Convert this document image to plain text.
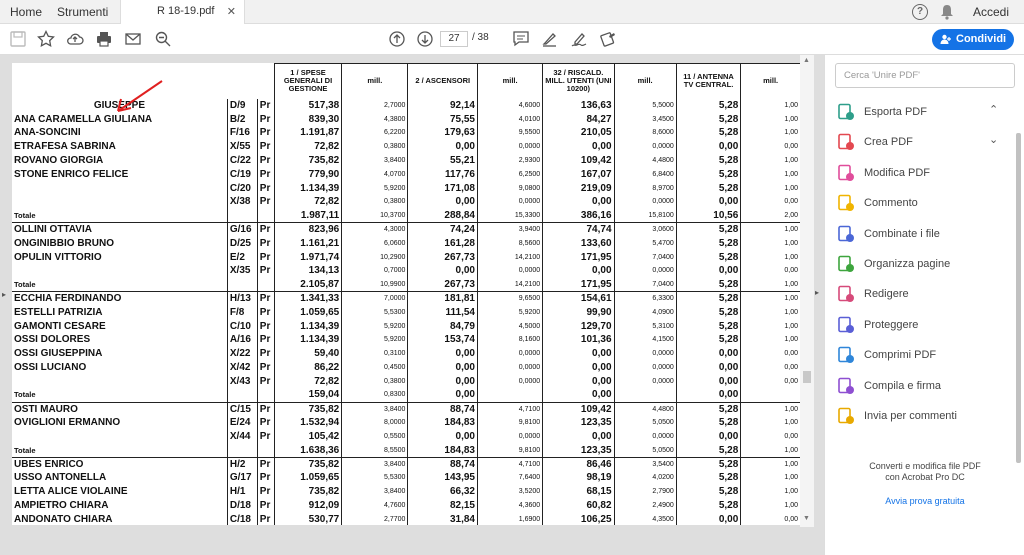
Home Strumenti	R 18-19.pdf ✕	?	Accedi
27	/ 38	Condividi
▸
			1 / SPESE GENERALI DI GESTIONE	mill.	2 / ASCENSORI	mill.	32 / RISCALD. MILL. UTENTI (UNI 10200)	mill.	11 / ANTENNA TV CENTRAL.	mill.
GIUSEPPE	D/9	Pr	517,38	2,7000	92,14	4,6000	136,63	5,5000	5,28	1,00
ANA CARAMELLA GIULIANA	B/2	Pr	839,30	4,3800	75,55	4,0100	84,27	3,4500	5,28	1,00
ANA-SONCINI	F/16	Pr	1.191,87	6,2200	179,63	9,5500	210,05	8,6000	5,28	1,00
ETRAFESA SABRINA	X/55	Pr	72,82	0,3800	0,00	0,0000	0,00	0,0000	0,00	0,00
ROVANO GIORGIA	C/22	Pr	735,82	3,8400	55,21	2,9300	109,42	4,4800	5,28	1,00
STONE ENRICO FELICE	C/19	Pr	779,90	4,0700	117,76	6,2500	167,07	6,8400	5,28	1,00
	C/20	Pr	1.134,39	5,9200	171,08	9,0800	219,09	8,9700	5,28	1,00
	X/38	Pr	72,82	0,3800	0,00	0,0000	0,00	0,0000	0,00	0,00
Totale			1.987,11	10,3700	288,84	15,3300	386,16	15,8100	10,56	2,00
OLLINI OTTAVIA	G/16	Pr	823,96	4,3000	74,24	3,9400	74,74	3,0600	5,28	1,00
ONGINIBBIO BRUNO	D/25	Pr	1.161,21	6,0600	161,28	8,5600	133,60	5,4700	5,28	1,00
OPULIN VITTORIO	E/2	Pr	1.971,74	10,2900	267,73	14,2100	171,95	7,0400	5,28	1,00
	X/35	Pr	134,13	0,7000	0,00	0,0000	0,00	0,0000	0,00	0,00
Totale			2.105,87	10,9900	267,73	14,2100	171,95	7,0400	5,28	1,00
ECCHIA FERDINANDO	H/13	Pr	1.341,33	7,0000	181,81	9,6500	154,61	6,3300	5,28	1,00
ESTELLI PATRIZIA	F/8	Pr	1.059,65	5,5300	111,54	5,9200	99,90	4,0900	5,28	1,00
GAMONTI CESARE	C/10	Pr	1.134,39	5,9200	84,79	4,5000	129,70	5,3100	5,28	1,00
OSSI DOLORES	A/16	Pr	1.134,39	5,9200	153,74	8,1600	101,36	4,1500	5,28	1,00
OSSI GIUSEPPINA	X/22	Pr	59,40	0,3100	0,00	0,0000	0,00	0,0000	0,00	0,00
OSSI LUCIANO	X/42	Pr	86,22	0,4500	0,00	0,0000	0,00	0,0000	0,00	0,00
	X/43	Pr	72,82	0,3800	0,00	0,0000	0,00	0,0000	0,00	0,00
Totale			159,04	0,8300	0,00		0,00		0,00	
OSTI MAURO	C/15	Pr	735,82	3,8400	88,74	4,7100	109,42	4,4800	5,28	1,00
OVIGLIONI ERMANNO	E/24	Pr	1.532,94	8,0000	184,83	9,8100	123,35	5,0500	5,28	1,00
	X/44	Pr	105,42	0,5500	0,00	0,0000	0,00	0,0000	0,00	0,00
Totale			1.638,36	8,5500	184,83	9,8100	123,35	5,0500	5,28	1,00
UBES ENRICO	H/2	Pr	735,82	3,8400	88,74	4,7100	86,46	3,5400	5,28	1,00
USSO ANTONELLA	G/17	Pr	1.059,65	5,5300	143,95	7,6400	98,19	4,0200	5,28	1,00
LETTA ALICE VIOLAINE	H/1	Pr	735,82	3,8400	66,32	3,5200	68,15	2,7900	5,28	1,00
AMPIETRO CHIARA	D/18	Pr	912,09	4,7600	82,15	4,3600	60,82	2,4900	5,28	1,00
ANDONATO CHIARA	C/18	Pr	530,77	2,7700	31,84	1,6900	106,25	4,3500	0,00	0,00
▲
▼
▸
Cerca 'Unire PDF'
Esporta PDF	⌃
Crea PDF	⌄
Modifica PDF
Commento
Combinate i file
Organizza pagine
Redigere
Proteggere
Comprimi PDF
Compila e firma
Invia per commenti
Converti e modifica file PDF
con Acrobat Pro DC
Avvia prova gratuita
